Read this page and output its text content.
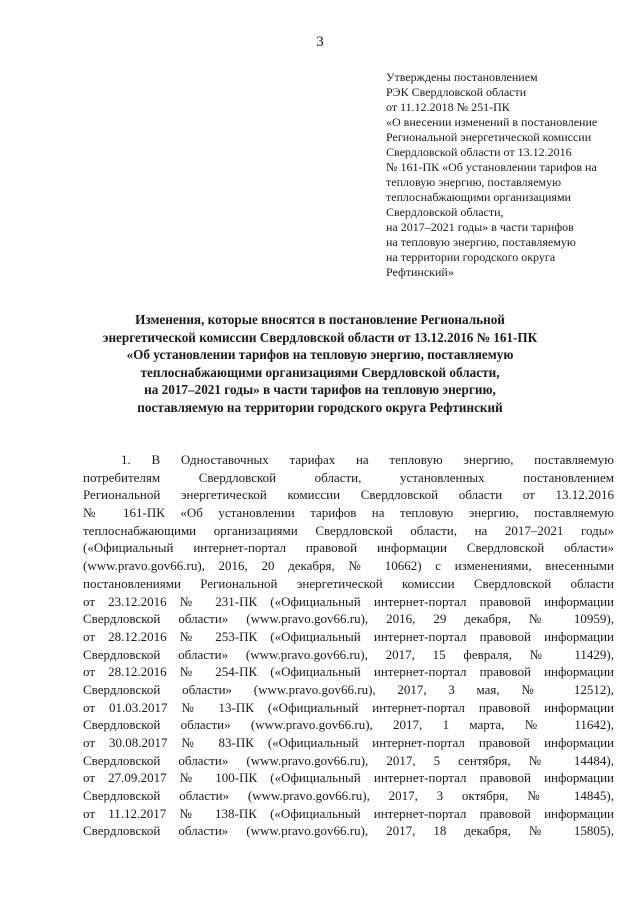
3
Утверждены постановлением
РЭК Свердловской области
от 11.12.2018 № 251-ПК
«О внесении изменений в постановление
Региональной энергетической комиссии
Свердловской области от 13.12.2016
№ 161-ПК «Об установлении тарифов на
тепловую энергию, поставляемую
теплоснабжающими организациями
Свердловской области,
на 2017–2021 годы» в части тарифов
на тепловую энергию, поставляемую
на территории городского округа
Рефтинский»
Изменения, которые вносятся в постановление Региональной
энергетической комиссии Свердловской области от 13.12.2016 № 161-ПК
«Об установлении тарифов на тепловую энергию, поставляемую
теплоснабжающими организациями Свердловской области,
на 2017–2021 годы» в части тарифов на тепловую энергию,
поставляемую на территории городского округа Рефтинский
1. В Одноставочных тарифах на тепловую энергию, поставляемую
потребителям Свердловской области, установленных постановлением
Региональной энергетической комиссии Свердловской области от 13.12.2016
№ 161-ПК «Об установлении тарифов на тепловую энергию, поставляемую
теплоснабжающими организациями Свердловской области, на 2017–2021 годы»
(«Официальный интернет-портал правовой информации Свердловской области»
(www.pravo.gov66.ru), 2016, 20 декабря, № 10662) с изменениями, внесенными
постановлениями Региональной энергетической комиссии Свердловской области
от 23.12.2016 № 231-ПК («Официальный интернет-портал правовой информации
Свердловской области» (www.pravo.gov66.ru), 2016, 29 декабря, № 10959),
от 28.12.2016 № 253-ПК («Официальный интернет-портал правовой информации
Свердловской области» (www.pravo.gov66.ru), 2017, 15 февраля, № 11429),
от 28.12.2016 № 254-ПК («Официальный интернет-портал правовой информации
Свердловской области» (www.pravo.gov66.ru), 2017, 3 мая, № 12512),
от 01.03.2017 № 13-ПК («Официальный интернет-портал правовой информации
Свердловской области» (www.pravo.gov66.ru), 2017, 1 марта, № 11642),
от 30.08.2017 № 83-ПК («Официальный интернет-портал правовой информации
Свердловской области» (www.pravo.gov66.ru), 2017, 5 сентября, № 14484),
от 27.09.2017 № 100-ПК («Официальный интернет-портал правовой информации
Свердловской области» (www.pravo.gov66.ru), 2017, 3 октября, № 14845),
от 11.12.2017 № 138-ПК («Официальный интернет-портал правовой информации
Свердловской области» (www.pravo.gov66.ru), 2017, 18 декабря, № 15805),
